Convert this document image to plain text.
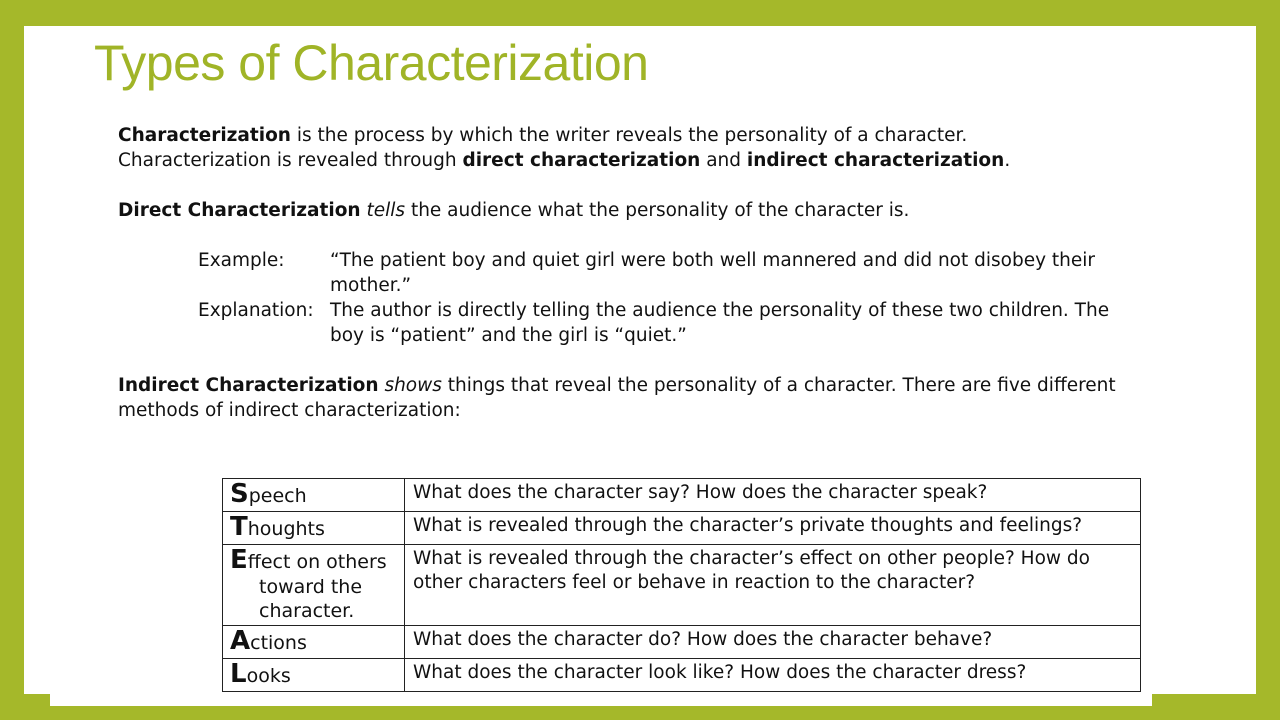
Types of Characterization

Characterization is the process by which the writer reveals the personality of a character.
Characterization is revealed through direct characterization and indirect characterization.

Direct Characterization tells the audience what the personality of the character is.

Example:	“The patient boy and quiet girl were both well mannered and did not disobey their mother.”
Explanation: The author is directly telling the audience the personality of these two children. The boy is “patient” and the girl is “quiet.”

Indirect Characterization shows things that reveal the personality of a character. There are five different methods of indirect characterization:

Speech	What does the character say? How does the character speak?
Thoughts	What is revealed through the character’s private thoughts and feelings?
Effect on others
toward the character.	What is revealed through the character’s effect on other people? How do other characters feel or behave in reaction to the character?
Actions	What does the character do? How does the character behave?
Looks	What does the character look like? How does the character dress?
